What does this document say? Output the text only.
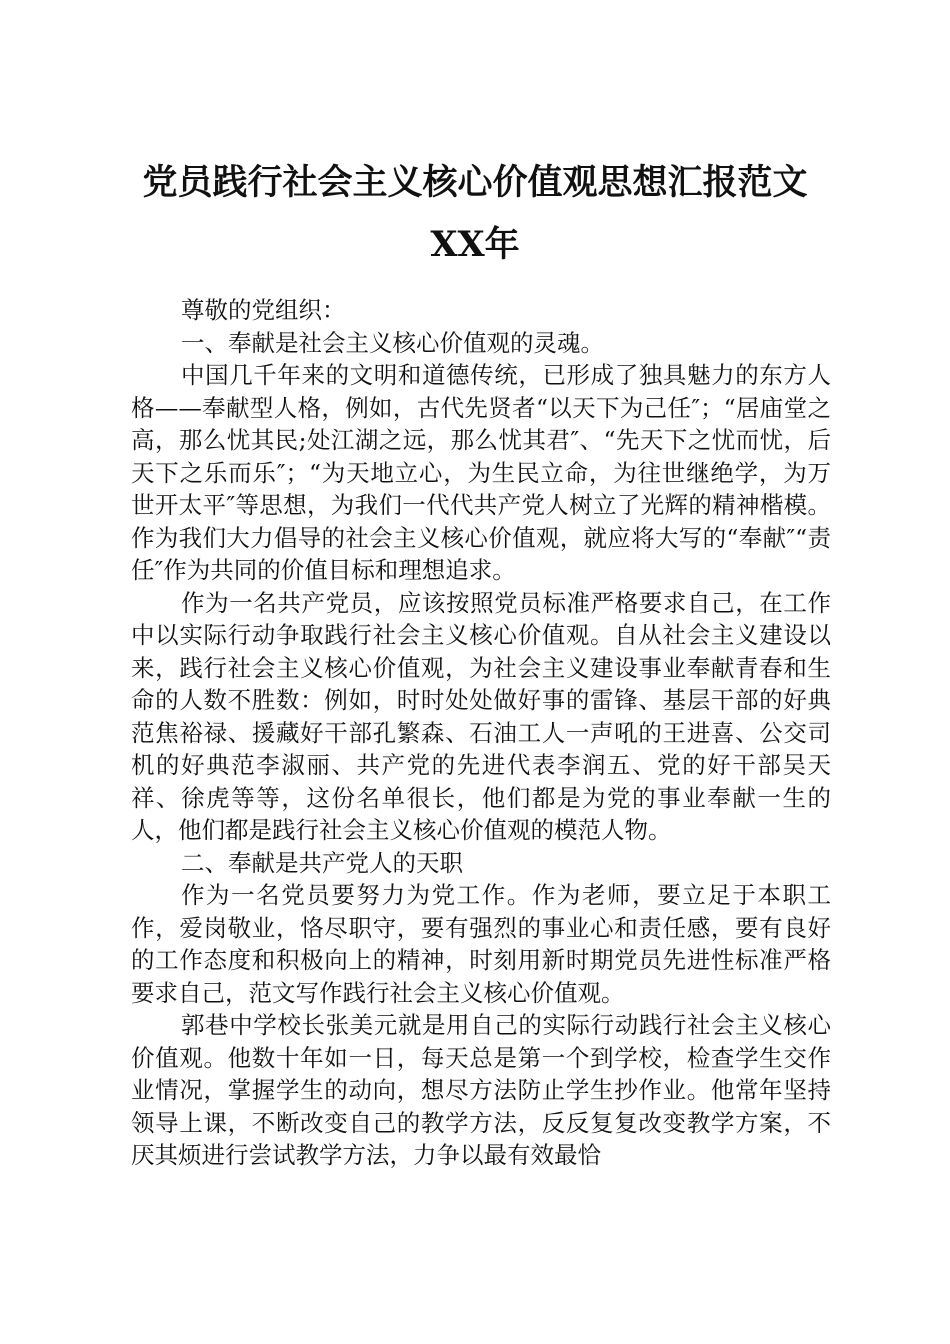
党员践行社会主义核心价值观思想汇报范文
XX年

尊敬的党组织：

一、奉献是社会主义核心价值观的灵魂。

中国几千年来的文明和道德传统，已形成了独具魅力的东方人格——奉献型人格，例如，古代先贤者“以天下为己任″；“居庙堂之高，那么忧其民;处江湖之远，那么忧其君″、“先天下之忧而忧，后天下之乐而乐″；“为天地立心，为生民立命，为往世继绝学，为万世开太平″等思想，为我们一代代共产党人树立了光辉的精神楷模。作为我们大力倡导的社会主义核心价值观，就应将大写的“奉献″“责任″作为共同的价值目标和理想追求。

作为一名共产党员，应该按照党员标准严格要求自己，在工作中以实际行动争取践行社会主义核心价值观。自从社会主义建设以来，践行社会主义核心价值观，为社会主义建设事业奉献青春和生命的人数不胜数：例如，时时处处做好事的雷锋、基层干部的好典范焦裕禄、援藏好干部孔繁森、石油工人一声吼的王进喜、公交司机的好典范李淑丽、共产党的先进代表李润五、党的好干部吴天祥、徐虎等等，这份名单很长，他们都是为党的事业奉献一生的人，他们都是践行社会主义核心价值观的模范人物。

二、奉献是共产党人的天职

作为一名党员要努力为党工作。作为老师，要立足于本职工作，爱岗敬业，恪尽职守，要有强烈的事业心和责任感，要有良好的工作态度和积极向上的精神，时刻用新时期党员先进性标准严格要求自己，范文写作践行社会主义核心价值观。

郭巷中学校长张美元就是用自己的实际行动践行社会主义核心价值观。他数十年如一日，每天总是第一个到学校，检查学生交作业情况，掌握学生的动向，想尽方法防止学生抄作业。他常年坚持领导上课，不断改变自己的教学方法，反反复复改变教学方案，不厌其烦进行尝试教学方法，力争以最有效最恰
